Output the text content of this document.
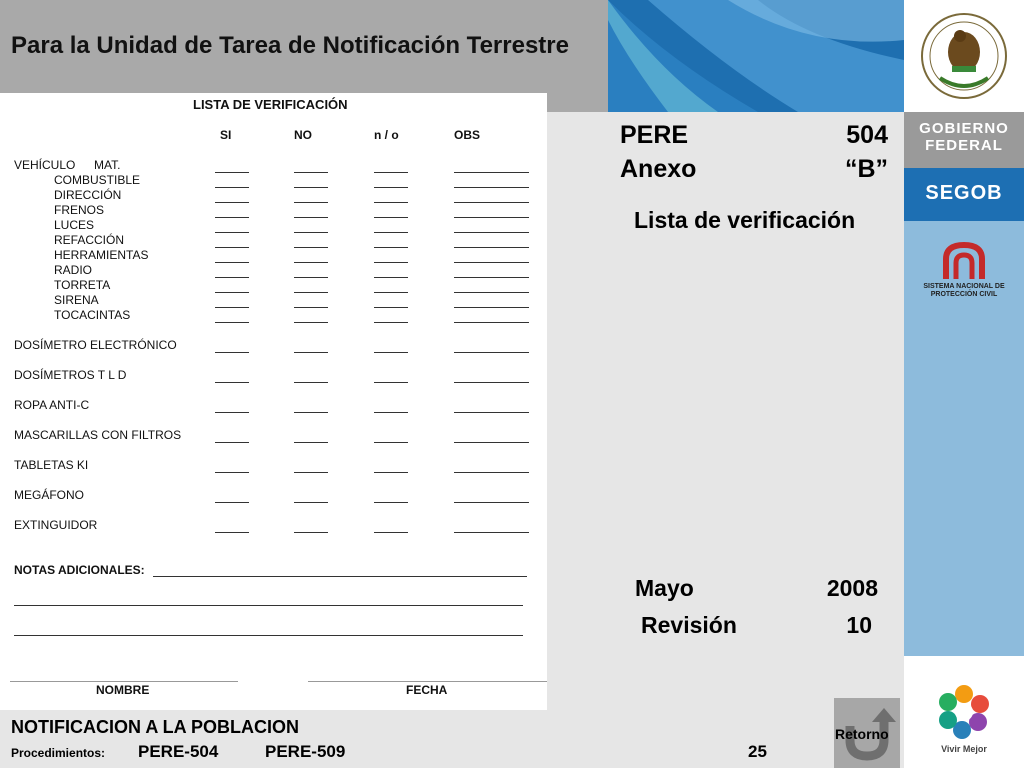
Para la Unidad de Tarea de Notificación Terrestre
GOBIERNO
FEDERAL
SEGOB
SISTEMA NACIONAL DE
PROTECCIÓN CIVIL
Vivir Mejor
PERE	504
Anexo	“B”
Lista de verificación
Mayo	2008
Revisión	10
LISTA DE VERIFICACIÓN
SI	NO	n / o	OBS
VEHÍCULO MAT.
COMBUSTIBLE
DIRECCIÓN
FRENOS
LUCES
REFACCIÓN
HERRAMIENTAS
RADIO
TORRETA
SIRENA
TOCACINTAS
DOSÍMETRO ELECTRÓNICO
DOSÍMETROS T L D
ROPA ANTI-C
MASCARILLAS CON FILTROS
TABLETAS KI
MEGÁFONO
EXTINGUIDOR
NOTAS ADICIONALES:
NOMBRE	FECHA
NOTIFICACION A LA POBLACION
Procedimientos: PERE-504	PERE-509	25
Retorno
